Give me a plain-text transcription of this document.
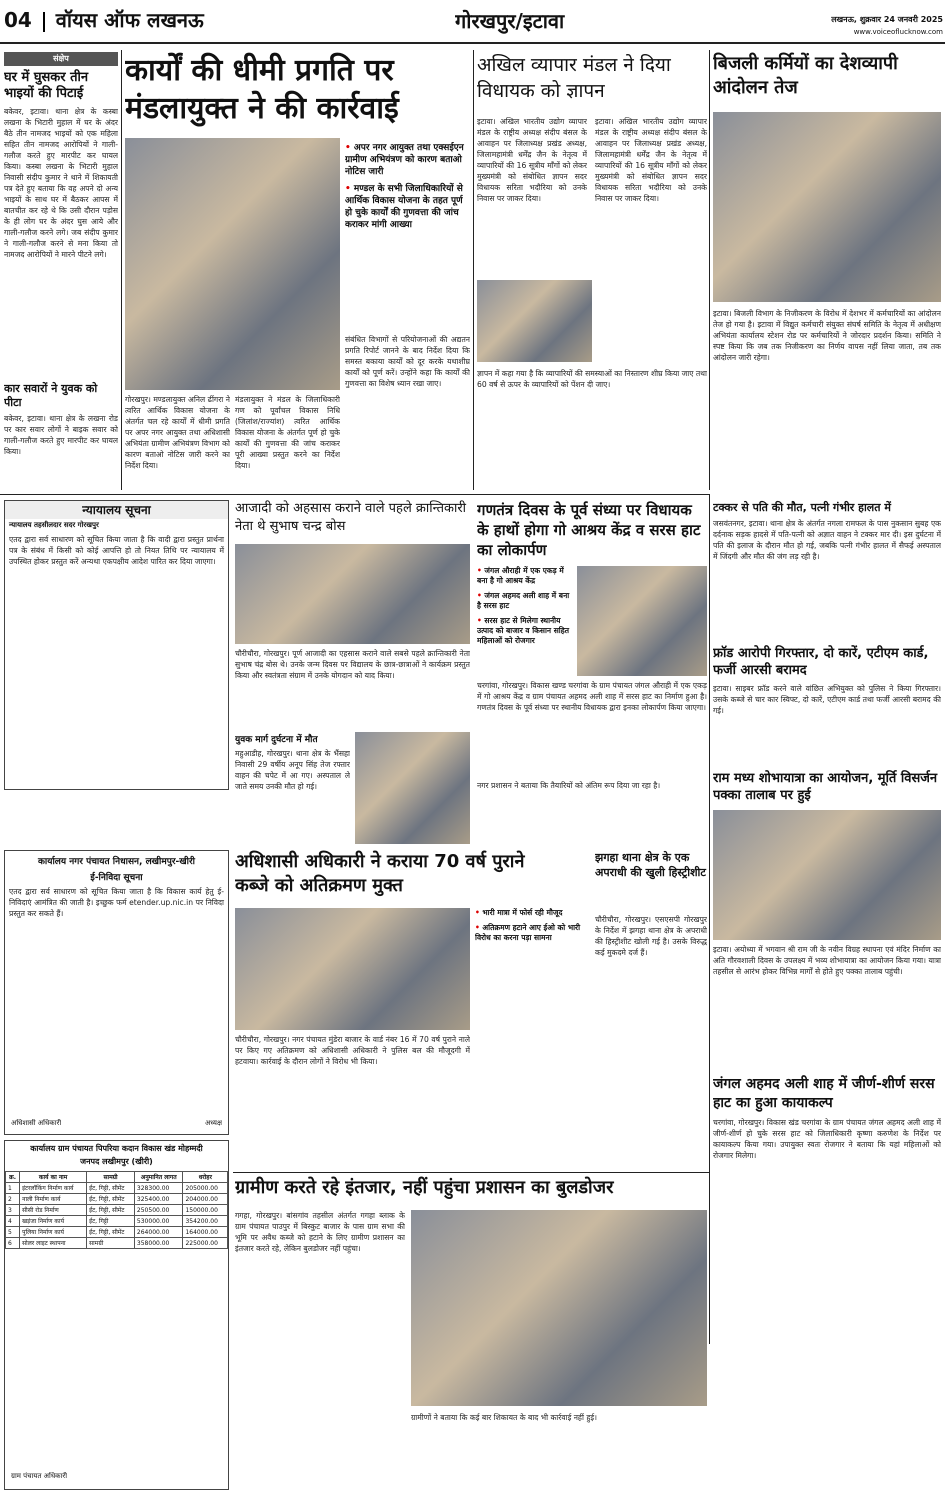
04 वॉयस ऑफ लखनऊ	गोरखपुर/इटावा	लखनऊ, शुक्रवार 24 जनवरी 2025
www.voiceoflucknow.com
संक्षेप
घर में घुसकर तीन भाइयों की पिटाई
बकेवर, इटावा। थाना क्षेत्र के कस्बा लखना के भिटारी मुहाल में घर के अंदर बैठे तीन नामजद भाइयों को एक महिला सहित तीन नामजद आरोपियों ने गाली-गलौज करते हुए मारपीट कर घायल किया। कस्बा लखना के भिटारी मुहाल निवासी संदीप कुमार ने थाने में शिकायती पत्र देते हुए बताया कि वह अपने दो अन्य भाइयों के साथ घर में बैठकर आपस में बातचीत कर रहे थे कि उसी दौरान पड़ोस के ही लोग घर के अंदर घुस आये और गाली-गलौज करने लगे। जब संदीप कुमार ने गाली-गलौज करने से मना किया तो नामजद आरोपियों ने मारने पीटने लगे।
कार सवारों ने युवक को पीटा
बकेवर, इटावा। थाना क्षेत्र के लखना रोड पर कार सवार लोगों ने बाइक सवार को गाली-गलौज करते हुए मारपीट कर घायल किया।
कार्यों की धीमी प्रगति पर मंडलायुक्त ने की कार्रवाई
• अपर नगर आयुक्त तथा एक्सईएन ग्रामीण अभियंत्रण को कारण बताओ नोटिस जारी
• मण्डल के सभी जिलाधिकारियों से आर्थिक विकास योजना के तहत पूर्ण हो चुके कार्यों की गुणवत्ता की जांच कराकर मांगी आख्या
गोरखपुर। मण्डलायुक्त अनिल ढींगरा ने त्वरित आर्थिक विकास योजना के अंतर्गत चल रहे कार्यों में धीमी प्रगति पर अपर नगर आयुक्त तथा अधिशासी अभियंता ग्रामीण अभियंत्रण विभाग को कारण बताओ नोटिस जारी करने का निर्देश दिया।
मंडलायुक्त ने मंडल के जिलाधिकारी गण को पूर्वांचल विकास निधि (जिलांश/राज्यांश) त्वरित आर्थिक विकास योजना के अंतर्गत पूर्ण हो चुके कार्यों की गुणवत्ता की जांच कराकर पूरी आख्या प्रस्तुत करने का निर्देश दिया।
संबंधित विभागों से परियोजनाओं की अद्यतन प्रगति रिपोर्ट जानने के बाद निर्देश दिया कि समस्त बकाया कार्यों को दूर करके यथाशीघ्र कार्यों को पूर्ण करें। उन्होंने कहा कि कार्यों की गुणवत्ता का विशेष ध्यान रखा जाए।
अखिल व्यापार मंडल ने दिया विधायक को ज्ञापन
इटावा। अखिल भारतीय उद्योग व्यापार मंडल के राष्ट्रीय अध्यक्ष संदीप बंसल के आवाहन पर जिलाध्यक्ष प्रखंड अध्यक्ष, जिलामहामंत्री धर्मेंद्र जैन के नेतृत्व में व्यापारियों की 16 सूत्रीय माँगों को लेकर मुख्यमंत्री को संबोधित ज्ञापन सदर विधायक सरिता भदौरिया को उनके निवास पर जाकर दिया।
ज्ञापन में कहा गया है कि व्यापारियों की समस्याओं का निस्तारण शीघ्र किया जाए तथा 60 वर्ष से ऊपर के व्यापारियों को पेंशन दी जाए।
इटावा। अखिल भारतीय उद्योग व्यापार मंडल के राष्ट्रीय अध्यक्ष संदीप बंसल के आवाहन पर जिलाध्यक्ष प्रखंड अध्यक्ष, जिलामहामंत्री धर्मेंद्र जैन के नेतृत्व में व्यापारियों की 16 सूत्रीय माँगों को लेकर मुख्यमंत्री को संबोधित ज्ञापन सदर विधायक सरिता भदौरिया को उनके निवास पर जाकर दिया।
बिजली कर्मियों का देशव्यापी आंदोलन तेज
इटावा। बिजली विभाग के निजीकरण के विरोध में देशभर में कर्मचारियों का आंदोलन तेज हो गया है। इटावा में विद्युत कर्मचारी संयुक्त संघर्ष समिति के नेतृत्व में अधीक्षण अभियंता कार्यालय स्टेशन रोड पर कर्मचारियों ने जोरदार प्रदर्शन किया। समिति ने स्पष्ट किया कि जब तक निजीकरण का निर्णय वापस नहीं लिया जाता, तब तक आंदोलन जारी रहेगा।
न्यायालय सूचना
न्यायालय तहसीलदार सदर गोरखपुर
एतद द्वारा सर्व साधारण को सूचित किया जाता है कि वादी द्वारा प्रस्तुत प्रार्थना पत्र के संबंध में किसी को कोई आपत्ति हो तो नियत तिथि पर न्यायालय में उपस्थित होकर प्रस्तुत करें अन्यथा एकपक्षीय आदेश पारित कर दिया जाएगा।
आजादी को अहसास कराने वाले पहले क्रान्तिकारी नेता थे सुभाष चन्द्र बोस
चौरीचौरा, गोरखपुर। पूर्ण आजादी का एहसास कराने वाले सबसे पहले क्रान्तिकारी नेता सुभाष चंद्र बोस थे। उनके जन्म दिवस पर विद्यालय के छात्र-छात्राओं ने कार्यक्रम प्रस्तुत किया और स्वतंत्रता संग्राम में उनके योगदान को याद किया।
युवक मार्ग दुर्घटना में मौत
महुआडीह, गोरखपुर। थाना क्षेत्र के भैंसहा निवासी 29 वर्षीय अनूप सिंह तेज रफ्तार वाहन की चपेट में आ गए। अस्पताल ले जाते समय उनकी मौत हो गई।
गणतंत्र दिवस के पूर्व संध्या पर विधायक के हाथों होगा गो आश्रय केंद्र व सरस हाट का लोकार्पण
• जंगल औराही में एक एकड़ में बना है गो आश्रय केंद्र
• जंगल अहमद अली शाह में बना है सरस हाट
• सरस हाट से मिलेगा स्थानीय उत्पाद को बाजार व किसान सहित महिलाओं को रोजगार
चरगांवा, गोरखपुर। विकास खण्ड चरगांवा के ग्राम पंचायत जंगल औराही में एक एकड़ में गो आश्रय केंद्र व ग्राम पंचायत अहमद अली शाह में सरस हाट का निर्माण हुआ है। गणतंत्र दिवस के पूर्व संध्या पर स्थानीय विधायक द्वारा इनका लोकार्पण किया जाएगा।
नगर प्रशासन ने बताया कि तैयारियों को अंतिम रूप दिया जा रहा है।
टक्कर से पति की मौत, पत्नी गंभीर हालत में
जसवंतनगर, इटावा। थाना क्षेत्र के अंतर्गत नगला रामफल के पास नुकसान सुबह एक दर्दनाक सड़क हादसे में पति-पत्नी को अज्ञात वाहन ने टक्कर मार दी। इस दुर्घटना में पति की इलाज के दौरान मौत हो गई, जबकि पत्नी गंभीर हालत में सैफई अस्पताल में जिंदगी और मौत की जंग लड़ रही है।
फ्रॉड आरोपी गिरफ्तार, दो कारें, एटीएम कार्ड, फर्जी आरसी बरामद
इटावा। साइबर फ्रॉड करने वाले वांछित अभियुक्त को पुलिस ने किया गिरफ्तार। उसके कब्जे से चार कार स्विफ्ट, दो कारें, एटीएम कार्ड तथा फर्जी आरसी बरामद की गई।
राम मध्य शोभायात्रा का आयोजन, मूर्ति विसर्जन पक्का तालाब पर हुई
इटावा। अयोध्या में भगवान श्री राम जी के नवीन विग्रह स्थापना एवं मंदिर निर्माण का अति गौरवशाली दिवस के उपलक्ष्य में भव्य शोभायात्रा का आयोजन किया गया। यात्रा तहसील से आरंभ होकर विभिन्न मार्गों से होते हुए पक्का तालाब पहुंची।
जंगल अहमद अली शाह में जीर्ण-शीर्ण सरस हाट का हुआ कायाकल्प
चरगांवा, गोरखपुर। विकास खंड चरगांवा के ग्राम पंचायत जंगल अहमद अली शाह में जीर्ण-शीर्ण हो चुके सरस हाट को जिलाधिकारी कृष्णा करुणेश के निर्देश पर कायाकल्प किया गया। उपायुक्त स्वतः रोजगार ने बताया कि यहां महिलाओं को रोजगार मिलेगा।
कार्यालय नगर पंचायत निधासन, लखीमपुर-खीरी
ई-निविदा सूचना
एतद द्वारा सर्व साधारण को सूचित किया जाता है कि विकास कार्य हेतु ई-निविदाएं आमंत्रित की जाती है। इच्छुक फर्म etender.up.nic.in पर निविदा प्रस्तुत कर सकते हैं।
अधिशासी अधिकारी	अध्यक्ष
अधिशासी अधिकारी ने कराया 70 वर्ष पुराने कब्जे को अतिक्रमण मुक्त
• भारी मात्रा में फोर्स रही मौजूद
• अतिक्रमण हटाने आए ईओ को भारी विरोध का करना पड़ा सामना
चौरीचौरा, गोरखपुर। नगर पंचायत मुंडेरा बाजार के वार्ड नंबर 16 में 70 वर्ष पुराने नाले पर किए गए अतिक्रमण को अधिशासी अधिकारी ने पुलिस बल की मौजूदगी में हटवाया। कार्रवाई के दौरान लोगों ने विरोध भी किया।
झगहा थाना क्षेत्र के एक अपराधी की खुली हिस्ट्रीशीट
चौरीचौरा, गोरखपुर। एसएसपी गोरखपुर के निर्देश में झगहा थाना क्षेत्र के अपराधी की हिस्ट्रीशीट खोली गई है। उसके विरुद्ध कई मुकदमे दर्ज हैं।
कार्यालय ग्राम पंचायत पिपरिया कदान विकास खंड मोहम्मदी
जनपद लखीमपुर (खीरी)
क्र.	कार्य का नाम	सामग्री	अनुमानित लागत	धरोहर
1	इंटरलॉकिंग निर्माण कार्य	ईंट, गिट्टी, सीमेंट	328300.00	205000.00
2	नाली निर्माण कार्य	ईंट, गिट्टी, सीमेंट	325400.00	204000.00
3	सीसी रोड निर्माण	ईंट, गिट्टी, सीमेंट	250500.00	150000.00
4	खड़ंजा निर्माण कार्य	ईंट, गिट्टी	530000.00	354200.00
5	पुलिया निर्माण कार्य	ईंट, गिट्टी, सीमेंट	264000.00	164000.00
6	सोलर लाइट स्थापना	सामग्री	358000.00	225000.00
ग्राम पंचायत अधिकारी
ग्रामीण करते रहे इंतजार, नहीं पहुंचा प्रशासन का बुलडोजर
गगहा, गोरखपुर। बांसगांव तहसील अंतर्गत गगहा ब्लाक के ग्राम पंचायत पाउपुर में बिस्कुट बाजार के पास ग्राम सभा की भूमि पर अवैध कब्जे को हटाने के लिए ग्रामीण प्रशासन का इंतजार करते रहे, लेकिन बुलडोजर नहीं पहुंचा।
ग्रामीणों ने बताया कि कई बार शिकायत के बाद भी कार्रवाई नहीं हुई।
